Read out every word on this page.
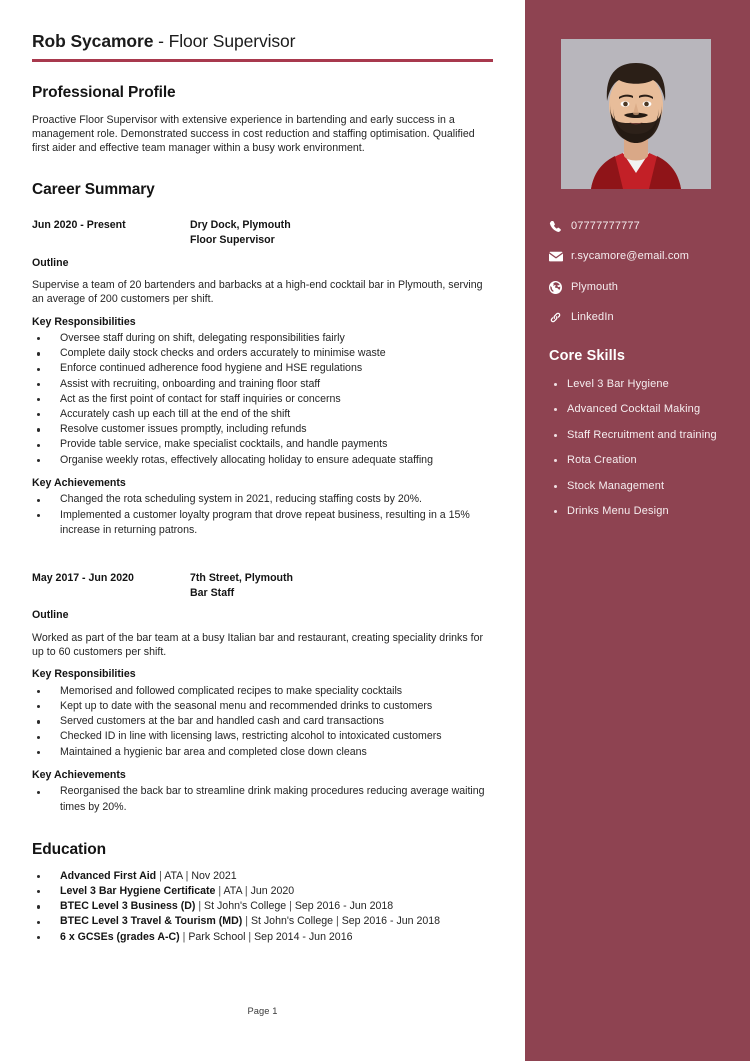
07777777777
r.sycamore@email.com
Plymouth
LinkedIn
Core Skills
Level 3 Bar Hygiene
Advanced Cocktail Making
Staff Recruitment and training
Rota Creation
Stock Management
Drinks Menu Design
Rob Sycamore - Floor Supervisor
Professional Profile

Proactive Floor Supervisor with extensive experience in bartending and early success in a management role. Demonstrated success in cost reduction and staffing optimisation. Qualified first aider and effective team manager within a busy work environment.

Career Summary
Jun 2020 - Present	Dry Dock, Plymouth
Floor Supervisor
Outline

Supervise a team of 20 bartenders and barbacks at a high-end cocktail bar in Plymouth, serving an average of 200 customers per shift.

Key Responsibilities
Oversee staff during on shift, delegating responsibilities fairly
Complete daily stock checks and orders accurately to minimise waste
Enforce continued adherence food hygiene and HSE regulations
Assist with recruiting, onboarding and training floor staff
Act as the first point of contact for staff inquiries or concerns
Accurately cash up each till at the end of the shift
Resolve customer issues promptly, including refunds
Provide table service, make specialist cocktails, and handle payments
Organise weekly rotas, effectively allocating holiday to ensure adequate staffing
Key Achievements
Changed the rota scheduling system in 2021, reducing staffing costs by 20%.
Implemented a customer loyalty program that drove repeat business, resulting in a 15% increase in returning patrons.
May 2017 - Jun 2020	7th Street, Plymouth
Bar Staff
Outline

Worked as part of the bar team at a busy Italian bar and restaurant, creating speciality drinks for up to 60 customers per shift.

Key Responsibilities
Memorised and followed complicated recipes to make speciality cocktails
Kept up to date with the seasonal menu and recommended drinks to customers
Served customers at the bar and handled cash and card transactions
Checked ID in line with licensing laws, restricting alcohol to intoxicated customers
Maintained a hygienic bar area and completed close down cleans
Key Achievements
Reorganised the back bar to streamline drink making procedures reducing average waiting times by 20%.
Education
Advanced First Aid | ATA | Nov 2021
Level 3 Bar Hygiene Certificate | ATA | Jun 2020
BTEC Level 3 Business (D) | St John's College | Sep 2016 - Jun 2018
BTEC Level 3 Travel & Tourism (MD) | St John's College | Sep 2016 - Jun 2018
6 x GCSEs (grades A-C) | Park School | Sep 2014 - Jun 2016
Page 1
